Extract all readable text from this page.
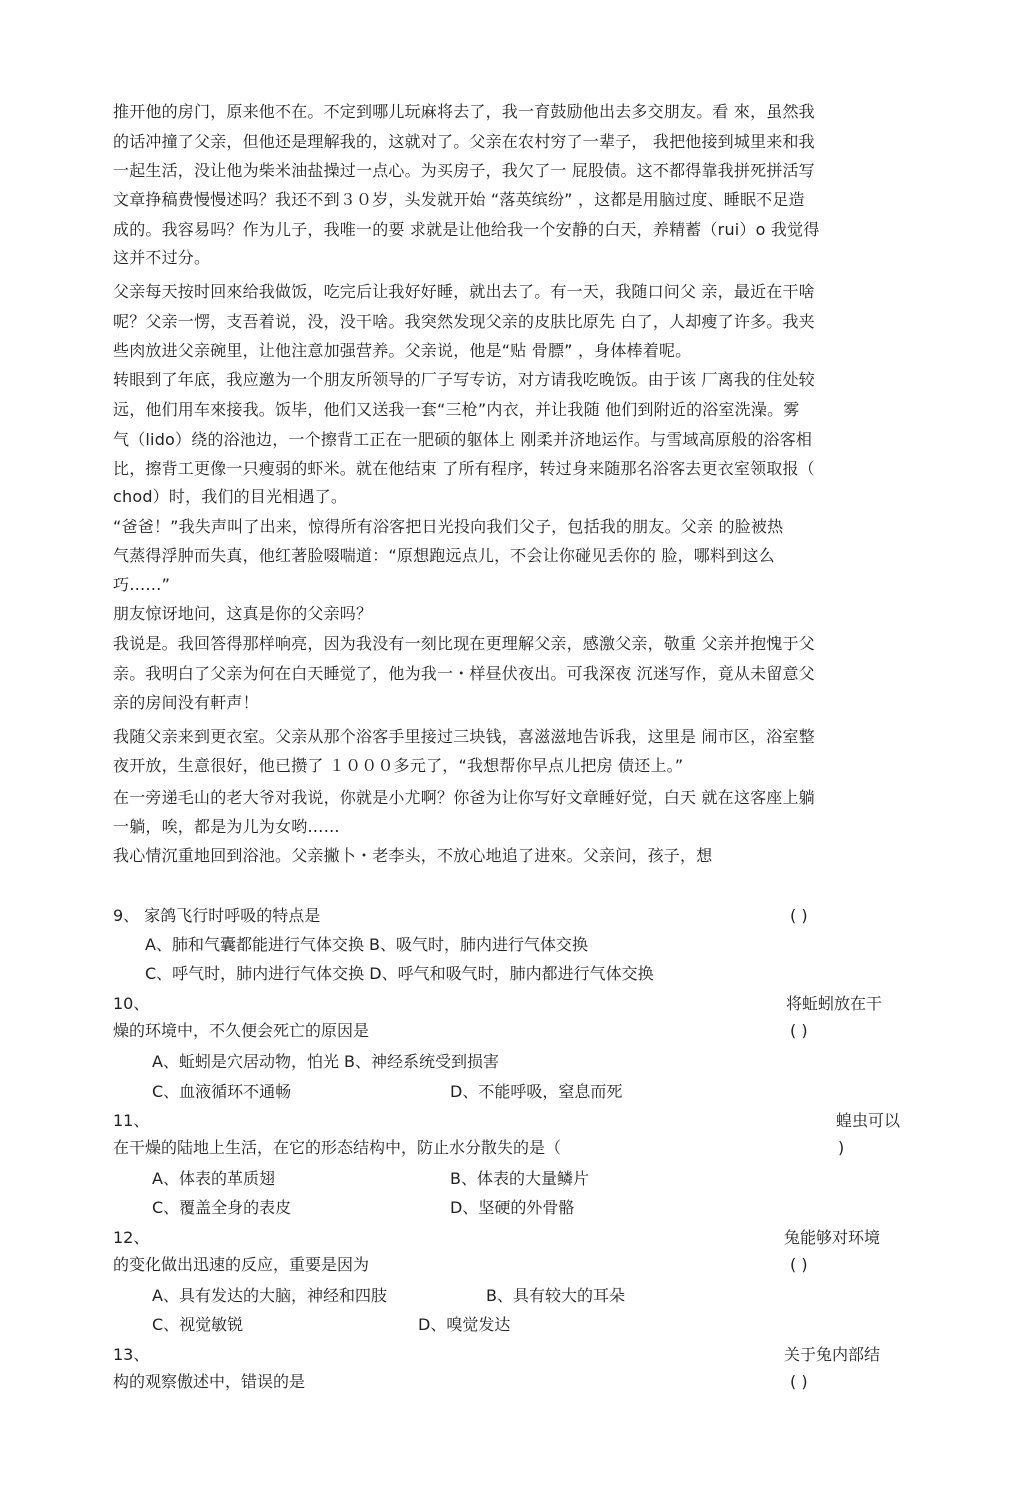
推开他的房门，原来他不在。不定到哪儿玩麻将去了，我一育鼓励他出去多交朋友。看 來，虽然我
的话冲撞了父亲，但他还是理解我的，这就对了。父亲在农村穷了一辈子， 我把他接到城里来和我
一起生活，没让他为柴米油盐操过一点心。为买房子，我欠了一 屁股债。这不都得靠我拼死拼活写
文章挣稿费慢慢述吗？我还不到３０岁，头发就开始 “落英缤纷” ，这都是用脑过度、睡眠不足造
成的。我容易吗？作为儿子，我唯一的要 求就是让他给我一个安静的白天，养精蓄（rui）o 我觉得
这并不过分。
父亲每天按时回來给我做饭，吃完后让我好好睡，就出去了。有一天，我随口问父 亲，最近在干啥
呢？父亲一愣，支吾着说，没，没干啥。我突然发现父亲的皮肤比原先 白了，人却瘦了许多。我夹
些肉放进父亲碗里，让他注意加强营养。父亲说，他是“贴 骨膘” ，身体棒着呢。
转眼到了年底，我应邀为一个朋友所领导的厂子写专访，对方请我吃晚饭。由于该 厂离我的住处较
远，他们用车來接我。饭毕，他们又送我一套“三枪”内衣，并让我随 他们到附近的浴室洗澡。雾
气（lido）绕的浴池边，一个擦背工正在一肥硕的躯体上 刚柔并济地运作。与雪域高原般的浴客相
比，擦背工更像一只瘦弱的虾米。就在他结束 了所有程序，转过身来随那名浴客去更衣室领取报（
chod）时，我们的目光相遇了。
“爸爸！”我失声叫了出来，惊得所有浴客把日光投向我们父子，包括我的朋友。父亲 的脸被热
气蒸得浮肿而失真，他红著脸啜喘道：“原想跑远点儿，不会让你碰见丢你的 脸，哪料到这么
巧……”
朋友惊讶地问，这真是你的父亲吗？
我说是。我回答得那样响亮，因为我没有一刻比现在更理解父亲，感激父亲，敬重 父亲并抱愧于父
亲。我明白了父亲为何在白天睡觉了，他为我一・样昼伏夜出。可我深夜 沉迷写作，竟从未留意父
亲的房间没有軒声！
我随父亲来到更衣室。父亲从那个浴客手里接过三块钱，喜滋滋地告诉我，这里是 闹市区，浴室整
夜开放，生意很好，他已攒了 １０００多元了，“我想帮你早点儿把房 债还上。”
在一旁递毛山的老大爷对我说，你就是小尤啊？你爸为让你写好文章睡好觉，白天 就在这客座上躺
一躺，唉，都是为儿为女哟……
我心情沉重地回到浴池。父亲撇卜・老李头，不放心地追了进來。父亲问，孩子，想
9、 家鸽飞行时呼吸的特点是	( )
A、肺和气囊都能进行气体交换 B、吸气时，肺内进行气体交换
C、呼气时，肺内进行气体交换 D、呼气和吸气时，肺内都进行气体交换
10、	将蚯蚓放在干
燥的环境中，不久便会死亡的原因是	( )
A、蚯蚓是穴居动物，怕光 B、神经系统受到损害
C、血液循环不通畅	D、不能呼吸，窒息而死
11、	蝗虫可以
在干燥的陆地上生活，在它的形态结构中，防止水分散失的是（	)
A、体表的革质翅	B、体表的大量鳞片
C、覆盖全身的表皮	D、坚硬的外骨骼
12、	兔能够对环境
的变化做出迅速的反应，重要是因为	( )
A、具有发达的大脑，神经和四肢	B、具有较大的耳朵
C、视觉敏锐	D、嗅觉发达
13、	关于兔内部结
构的观察傲述中，错误的是	( )
